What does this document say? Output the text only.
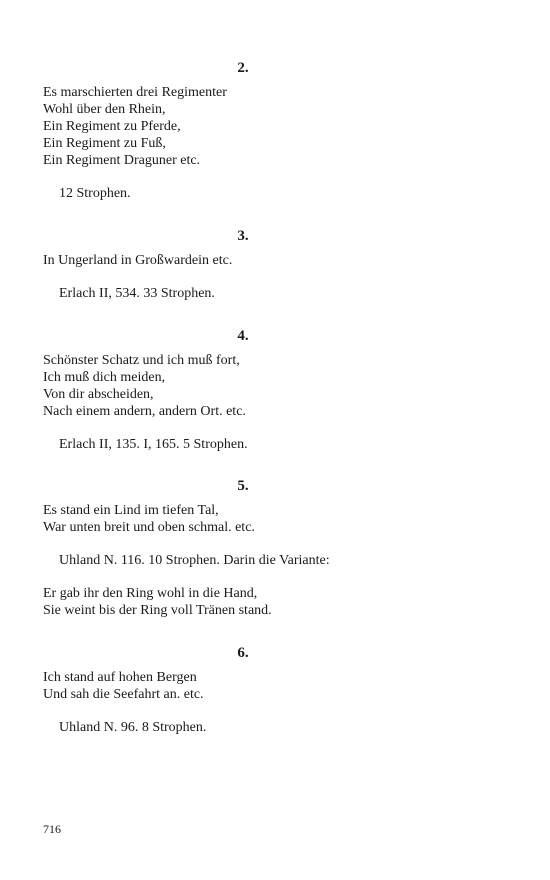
2.
Es marschierten drei Regimenter
Wohl über den Rhein,
Ein Regiment zu Pferde,
Ein Regiment zu Fuß,
Ein Regiment Draguner etc.
12 Strophen.
3.
In Ungerland in Großwardein etc.
Erlach II, 534. 33 Strophen.
4.
Schönster Schatz und ich muß fort,
Ich muß dich meiden,
Von dir abscheiden,
Nach einem andern, andern Ort. etc.
Erlach II, 135. I, 165. 5 Strophen.
5.
Es stand ein Lind im tiefen Tal,
War unten breit und oben schmal. etc.
Uhland N. 116. 10 Strophen. Darin die Variante:
Er gab ihr den Ring wohl in die Hand,
Sie weint bis der Ring voll Tränen stand.
6.
Ich stand auf hohen Bergen
Und sah die Seefahrt an. etc.
Uhland N. 96. 8 Strophen.
716
